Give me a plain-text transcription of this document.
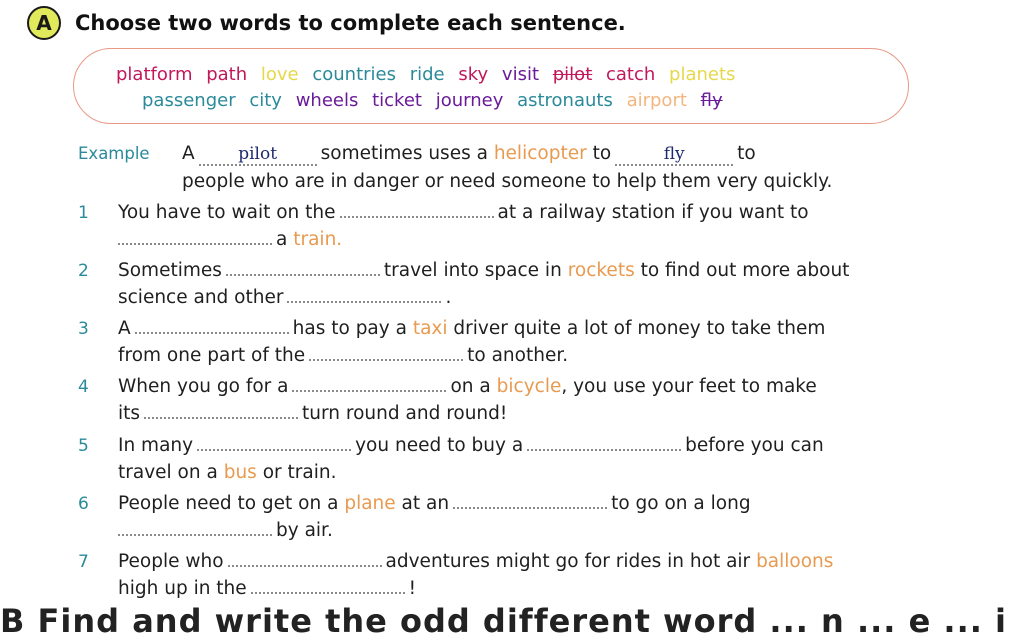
A	Choose two words to complete each sentence.
platform path love countries ride sky visit pilot catch planets
passenger city wheels ticket journey astronauts airport fly
Example A	pilot sometimes uses a helicopter to	fly	to
people who are in danger or need someone to help them very quickly.
1 You have to wait on the	at a railway station if you want to
a train.
2 Sometimes	travel into space in rockets to find out more about
science and other	.
3 A	has to pay a taxi driver quite a lot of money to take them
from one part of the	to another.
4 When you go for a	on a bicycle, you use your feet to make
its	turn round and round!
5 In many	you need to buy a	before you can
travel on a bus or train.
6 People need to get on a plane at an	to go on a long
by air.
7 People who	adventures might go for rides in hot air balloons
high up in the	!
B Find and write the odd different word ... n ... e ... i
